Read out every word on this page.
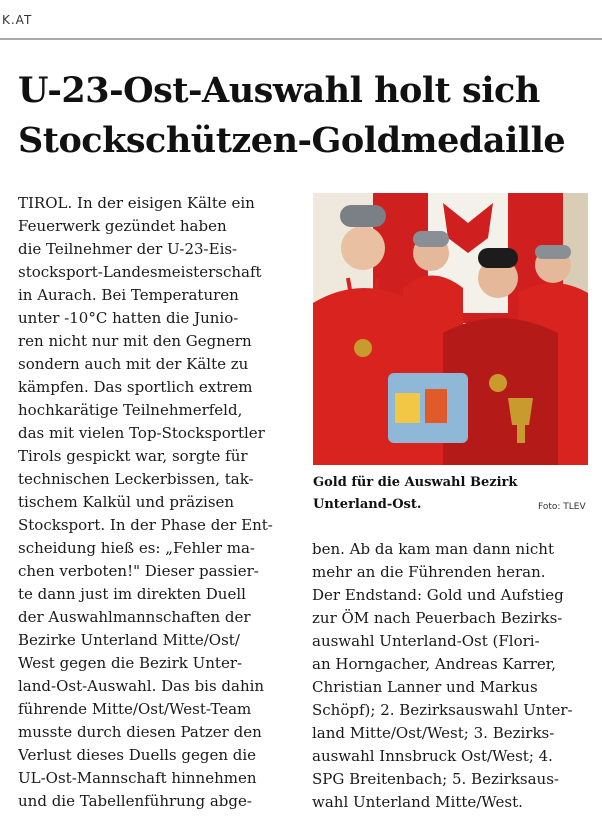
K.AT
U-23-Ost-Auswahl holt sich
Stockschützen-Goldmedaille
TIROL. In der eisigen Kälte ein
Feuerwerk gezündet haben
die Teilnehmer der U-23-Eis-
stocksport-Landesmeisterschaft
in Aurach. Bei Temperaturen
unter -10°C hatten die Junio-
ren nicht nur mit den Gegnern
sondern auch mit der Kälte zu
kämpfen. Das sportlich extrem
hochkarätige Teilnehmerfeld,
das mit vielen Top-Stocksportler
Tirols gespickt war, sorgte für
technischen Leckerbissen, tak-
tischem Kalkül und präzisen
Stocksport. In der Phase der Ent-
scheidung hieß es: „Fehler ma-
chen verboten!" Dieser passier-
te dann just im direkten Duell
der Auswahlmannschaften der
Bezirke Unterland Mitte/Ost/
West gegen die Bezirk Unter-
land-Ost-Auswahl. Das bis dahin
führende Mitte/Ost/West-Team
musste durch diesen Patzer den
Verlust dieses Duells gegen die
UL-Ost-Mannschaft hinnehmen
und die Tabellenführung abge-
Gold für die Auswahl Bezirk
Unterland-Ost.	Foto: TLEV
ben. Ab da kam man dann nicht
mehr an die Führenden heran.
Der Endstand: Gold und Aufstieg
zur ÖM nach Peuerbach Bezirks-
auswahl Unterland-Ost (Flori-
an Horngacher, Andreas Karrer,
Christian Lanner und Markus
Schöpf); 2. Bezirksauswahl Unter-
land Mitte/Ost/West; 3. Bezirks-
auswahl Innsbruck Ost/West; 4.
SPG Breitenbach; 5. Bezirksaus-
wahl Unterland Mitte/West.
